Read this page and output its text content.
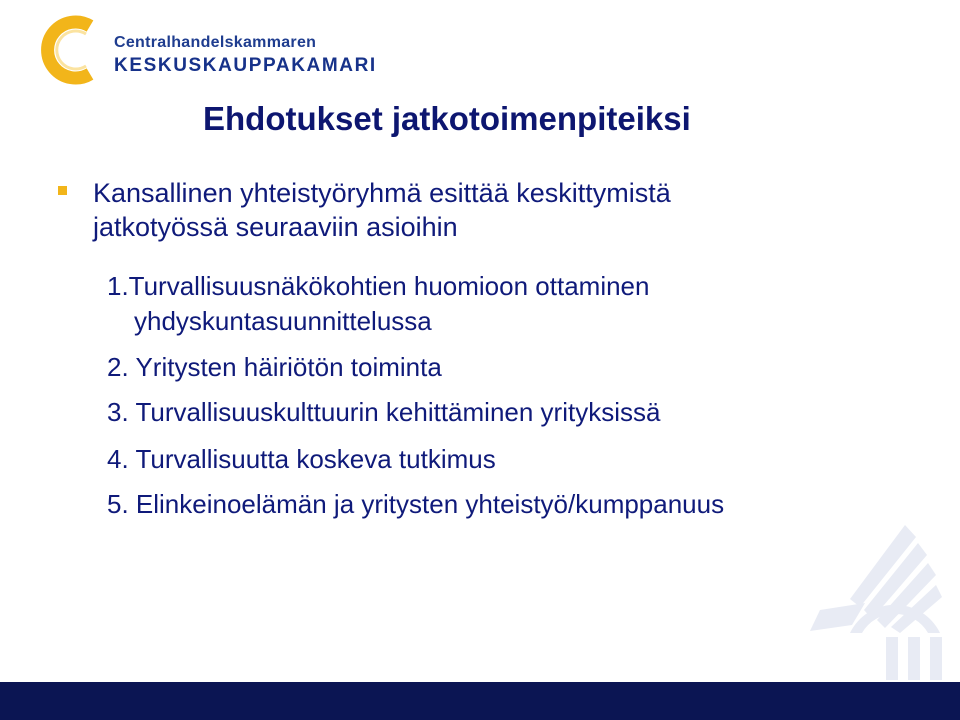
Centralhandelskammaren
KESKUSKAUPPAKAMARI
Ehdotukset jatkotoimenpiteiksi
Kansallinen yhteistyöryhmä esittää keskittymistä
jatkotyössä seuraaviin asioihin
1.Turvallisuusnäkökohtien huomioon ottaminen
yhdyskuntasuunnittelussa
2. Yritysten häiriötön toiminta
3. Turvallisuuskulttuurin kehittäminen yrityksissä
4. Turvallisuutta koskeva tutkimus
5. Elinkeinoelämän ja yritysten yhteistyö/kumppanuus
